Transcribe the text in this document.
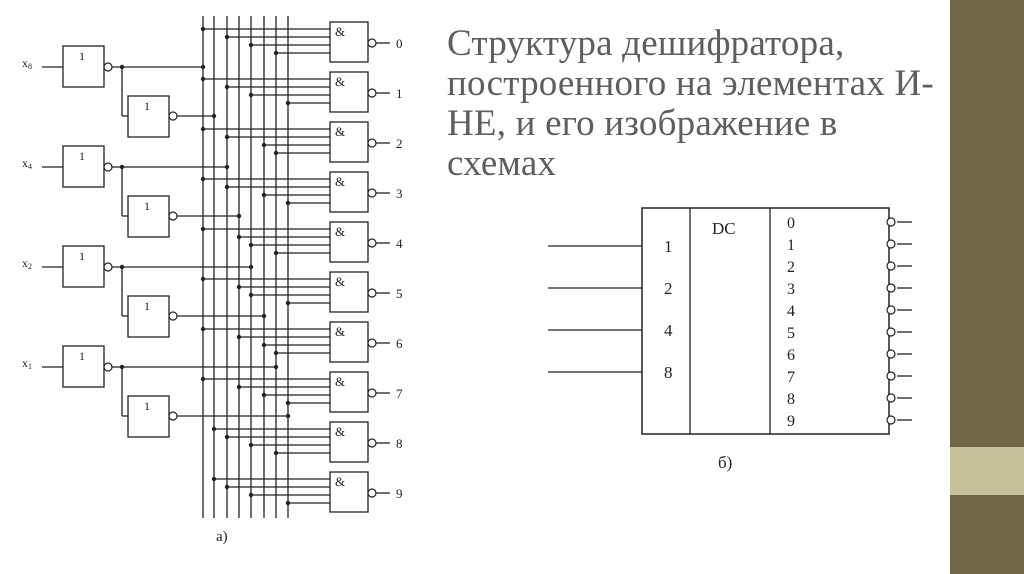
Структура дешифратора, построенного на элементах И-НЕ, и его изображение в схемах
x8
1
1
x4
1
1
x2
1
1
x1
1
1
&
0
&
1
&
2
&
3
&
4
&
5
&
6
&
7
&
8
&
9
а)
DC
1
2
4
8
0
1
2
3
4
5
6
7
8
9
б)
